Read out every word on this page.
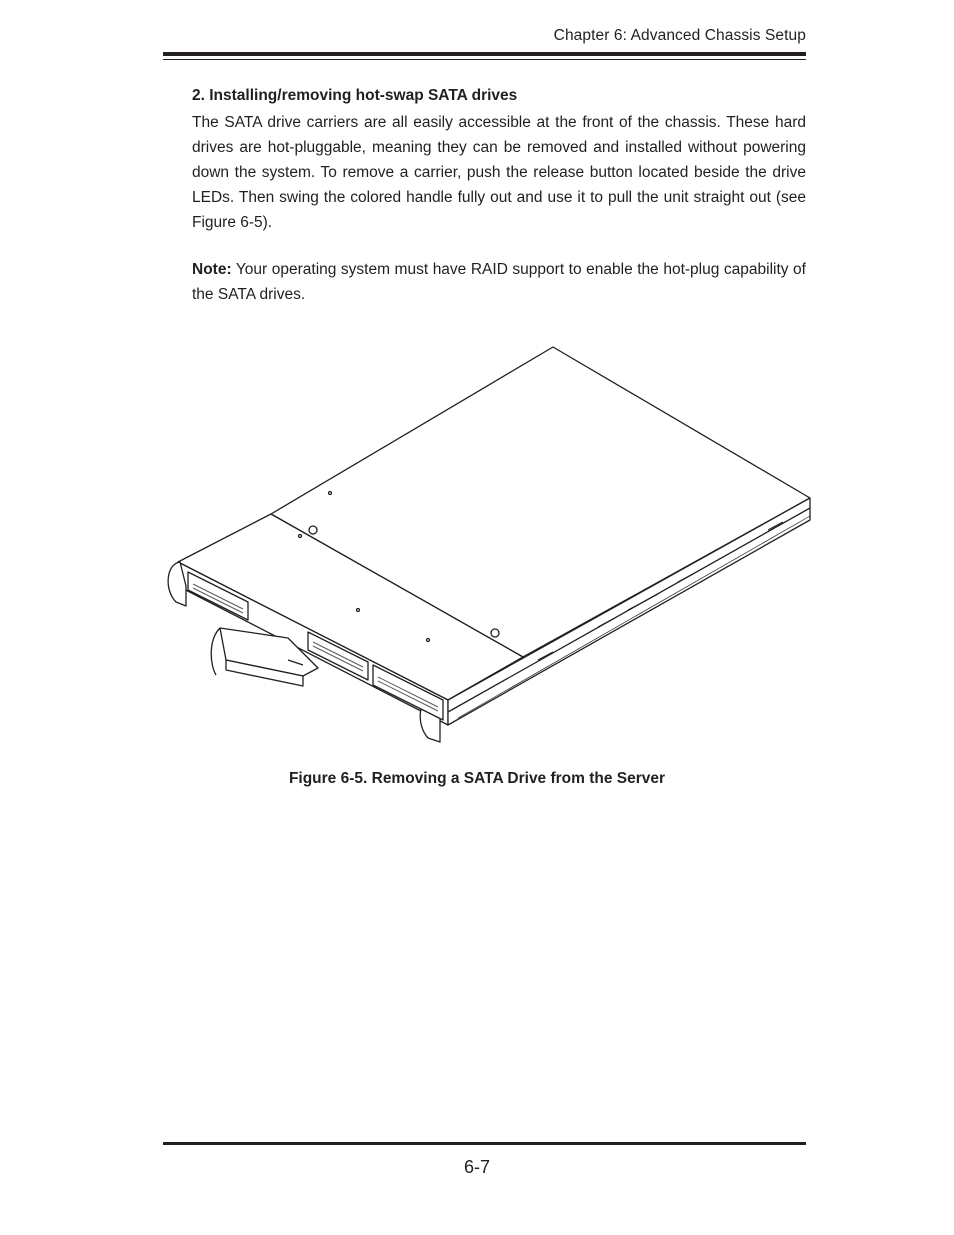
Chapter 6: Advanced Chassis Setup
2. Installing/removing hot-swap SATA drives

The SATA drive carriers are all easily accessible at the front of the chassis. These hard drives are hot-pluggable, meaning they can be removed and installed without powering down the system. To remove a carrier, push the release button located beside the drive LEDs. Then swing the colored handle fully out and use it to pull the unit straight out (see Figure 6-5).

Note: Your operating system must have RAID support to enable the hot-plug capability of the SATA drives.

Figure 6-5. Removing a SATA Drive from the Server
6-7
